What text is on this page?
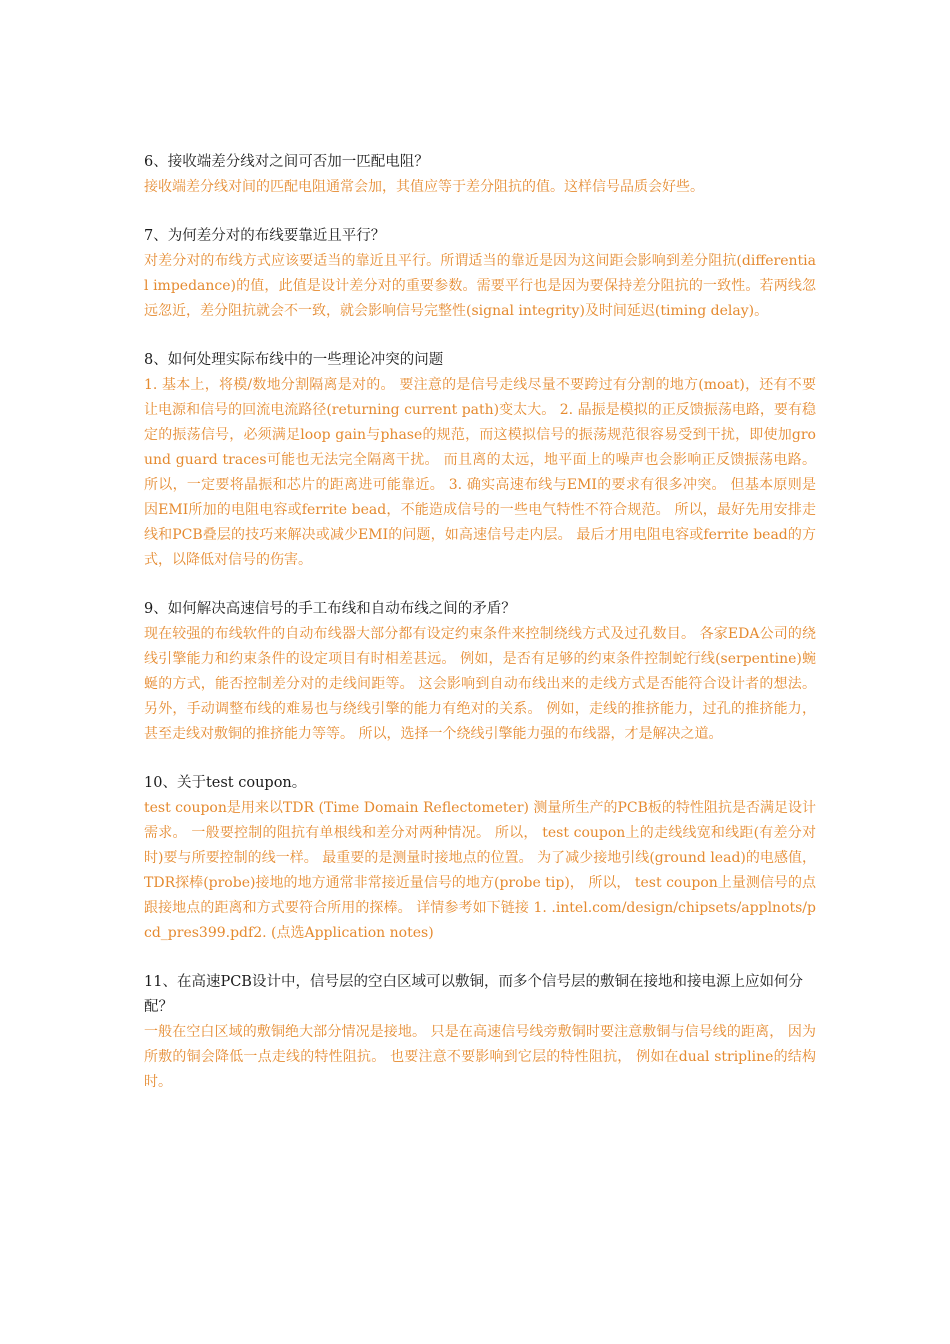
6、接收端差分线对之间可否加一匹配电阻？

接收端差分线对间的匹配电阻通常会加，其值应等于差分阻抗的值。这样信号品质会好些。

7、为何差分对的布线要靠近且平行？

对差分对的布线方式应该要适当的靠近且平行。所谓适当的靠近是因为这间距会影响到差分阻抗(differential impedance)的值，此值是设计差分对的重要参数。需要平行也是因为要保持差分阻抗的一致性。若两线忽远忽近，差分阻抗就会不一致，就会影响信号完整性(signal integrity)及时间延迟(timing delay)。

8、如何处理实际布线中的一些理论冲突的问题

1. 基本上，将模/数地分割隔离是对的。 要注意的是信号走线尽量不要跨过有分割的地方(moat)，还有不要让电源和信号的回流电流路径(returning current path)变太大。 2. 晶振是模拟的正反馈振荡电路，要有稳定的振荡信号，必须满足loop gain与phase的规范，而这模拟信号的振荡规范很容易受到干扰，即使加ground guard traces可能也无法完全隔离干扰。 而且离的太远，地平面上的噪声也会影响正反馈振荡电路。 所以，一定要将晶振和芯片的距离进可能靠近。 3. 确实高速布线与EMI的要求有很多冲突。 但基本原则是因EMI所加的电阻电容或ferrite bead，不能造成信号的一些电气特性不符合规范。 所以，最好先用安排走线和PCB叠层的技巧来解决或减少EMI的问题，如高速信号走内层。 最后才用电阻电容或ferrite bead的方式，以降低对信号的伤害。

9、如何解决高速信号的手工布线和自动布线之间的矛盾？

现在较强的布线软件的自动布线器大部分都有设定约束条件来控制绕线方式及过孔数目。 各家EDA公司的绕线引擎能力和约束条件的设定项目有时相差甚远。 例如，是否有足够的约束条件控制蛇行线(serpentine)蜿蜒的方式，能否控制差分对的走线间距等。 这会影响到自动布线出来的走线方式是否能符合设计者的想法。 另外，手动调整布线的难易也与绕线引擎的能力有绝对的关系。 例如，走线的推挤能力，过孔的推挤能力，甚至走线对敷铜的推挤能力等等。 所以，选择一个绕线引擎能力强的布线器，才是解决之道。

10、关于test coupon。

test coupon是用来以TDR (Time Domain Reflectometer) 测量所生产的PCB板的特性阻抗是否满足设计需求。 一般要控制的阻抗有单根线和差分对两种情况。 所以， test coupon上的走线线宽和线距(有差分对时)要与所要控制的线一样。 最重要的是测量时接地点的位置。 为了减少接地引线(ground lead)的电感值， TDR探棒(probe)接地的地方通常非常接近量信号的地方(probe tip)， 所以， test coupon上量测信号的点跟接地点的距离和方式要符合所用的探棒。 详情参考如下链接 1. .intel.com/design/chipsets/applnots/pcd_pres399.pdf2. (点选Application notes)

11、在高速PCB设计中，信号层的空白区域可以敷铜，而多个信号层的敷铜在接地和接电源上应如何分配？

一般在空白区域的敷铜绝大部分情况是接地。 只是在高速信号线旁敷铜时要注意敷铜与信号线的距离， 因为所敷的铜会降低一点走线的特性阻抗。 也要注意不要影响到它层的特性阻抗， 例如在dual stripline的结构时。
